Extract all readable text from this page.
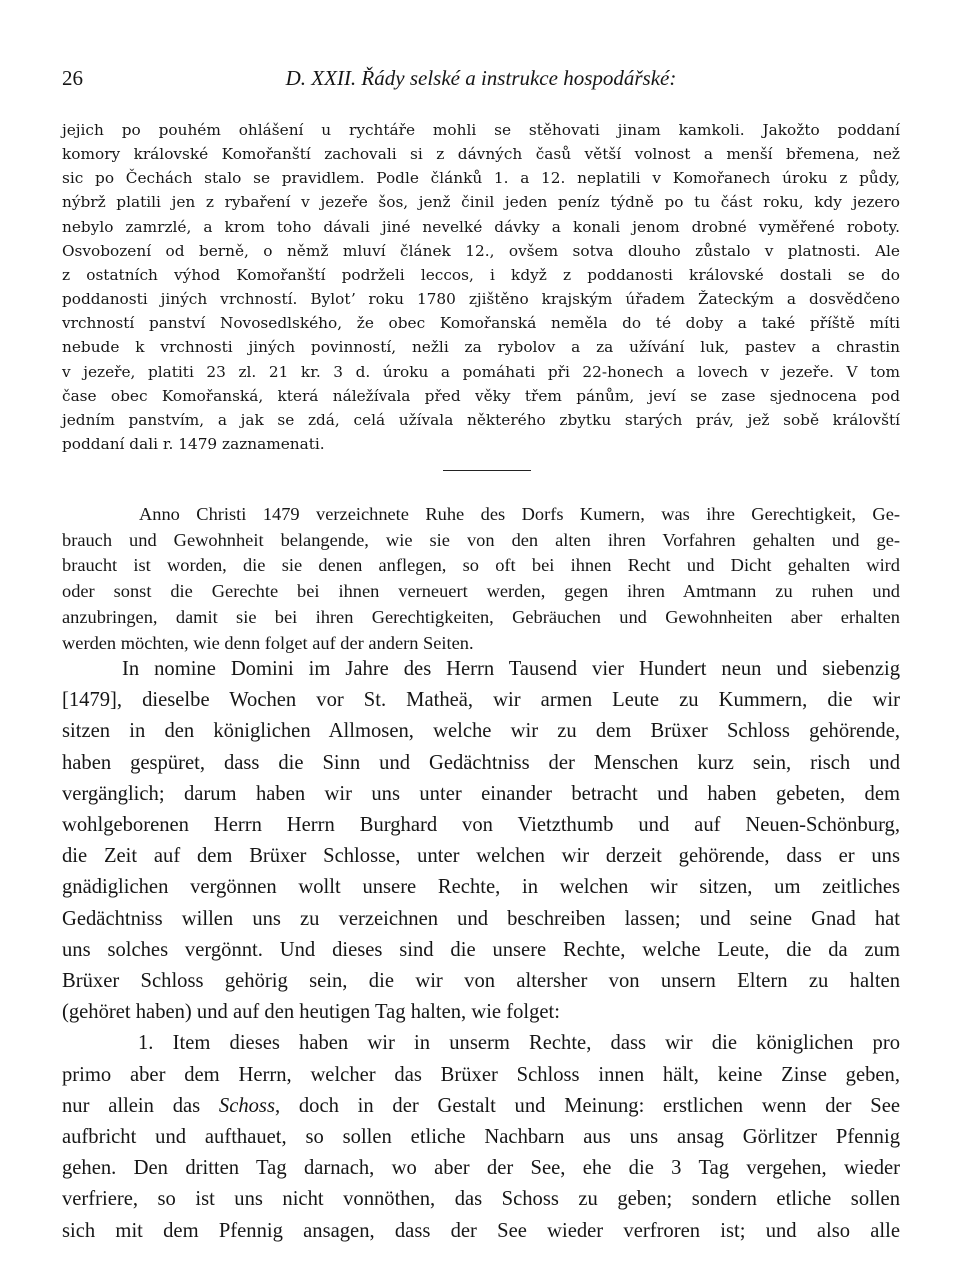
26	D. XXII. Řády selské a instrukce hospodářské:
jejich po pouhém ohlášení u rychtáře mohli se stěhovati jinam kamkoli. Jakožto poddaní
komory královské Komořanští zachovali si z dávných časů větší volnost a menší břemena, než
sic po Čechách stalo se pravidlem. Podle článků 1. a 12. neplatili v Komořanech úroku z půdy,
nýbrž platili jen z rybaření v jezeře šos, jenž činil jeden peníz týdně po tu část roku, kdy jezero
nebylo zamrzlé, a krom toho dávali jiné nevelké dávky a konali jenom drobné vyměřené roboty.
Osvobození od berně, o němž mluví článek 12., ovšem sotva dlouho zůstalo v platnosti. Ale
z ostatních výhod Komořanští podrželi leccos, i když z poddanosti královské dostali se do
poddanosti jiných vrchností. Bylotʼ roku 1780 zjištěno krajským úřadem Žateckým a dosvědčeno
vrchností panství Novosedlského, že obec Komořanská neměla do té doby a také příště míti
nebude k vrchnosti jiných povinností, nežli za rybolov a za užívání luk, pastev a chrastin
v jezeře, platiti 23 zl. 21 kr. 3 d. úroku a pomáhati při 22-honech a lovech v jezeře. V tom
čase obec Komořanská, která náležívala před věky třem pánům, jeví se zase sjednocena pod
jedním panstvím, a jak se zdá, celá užívala některého zbytku starých práv, jež sobě královští
poddaní dali r. 1479 zaznamenati.
Anno Christi 1479 verzeichnete Ruhe des Dorfs Kumern, was ihre Gerechtigkeit, Ge-
brauch und Gewohnheit belangende, wie sie von den alten ihren Vorfahren gehalten und ge-
braucht ist worden, die sie denen anflegen, so oft bei ihnen Recht und Dicht gehalten wird
oder sonst die Gerechte bei ihnen verneuert werden, gegen ihren Amtmann zu ruhen und
anzubringen, damit sie bei ihren Gerechtigkeiten, Gebräuchen und Gewohnheiten aber erhalten
werden möchten, wie denn folget auf der andern Seiten.
In nomine Domini im Jahre des Herrn Tausend vier Hundert neun und siebenzig
[1479], dieselbe Wochen vor St. Matheä, wir armen Leute zu Kummern, die wir
sitzen in den königlichen Allmosen, welche wir zu dem Brüxer Schloss gehörende,
haben gespüret, dass die Sinn und Gedächtniss der Menschen kurz sein, risch und
vergänglich; darum haben wir uns unter einander betracht und haben gebeten, dem
wohlgeborenen Herrn Herrn Burghard von Vietzthumb und auf Neuen-Schönburg,
die Zeit auf dem Brüxer Schlosse, unter welchen wir derzeit gehörende, dass er uns
gnädiglichen vergönnen wollt unsere Rechte, in welchen wir sitzen, um zeitliches
Gedächtniss willen uns zu verzeichnen und beschreiben lassen; und seine Gnad hat
uns solches vergönnt. Und dieses sind die unsere Rechte, welche Leute, die da zum
Brüxer Schloss gehörig sein, die wir von altersher von unsern Eltern zu halten
(gehöret haben) und auf den heutigen Tag halten, wie folget:
1. Item dieses haben wir in unserm Rechte, dass wir die königlichen pro
primo aber dem Herrn, welcher das Brüxer Schloss innen hält, keine Zinse geben,
nur allein das Schoss, doch in der Gestalt und Meinung: erstlichen wenn der See
aufbricht und aufthauet, so sollen etliche Nachbarn aus uns ansag Görlitzer Pfennig
gehen. Den dritten Tag darnach, wo aber der See, ehe die 3 Tag vergehen, wieder
verfriere, so ist uns nicht vonnöthen, das Schoss zu geben; sondern etliche sollen
sich mit dem Pfennig ansagen, dass der See wieder verfroren ist; und also alle
